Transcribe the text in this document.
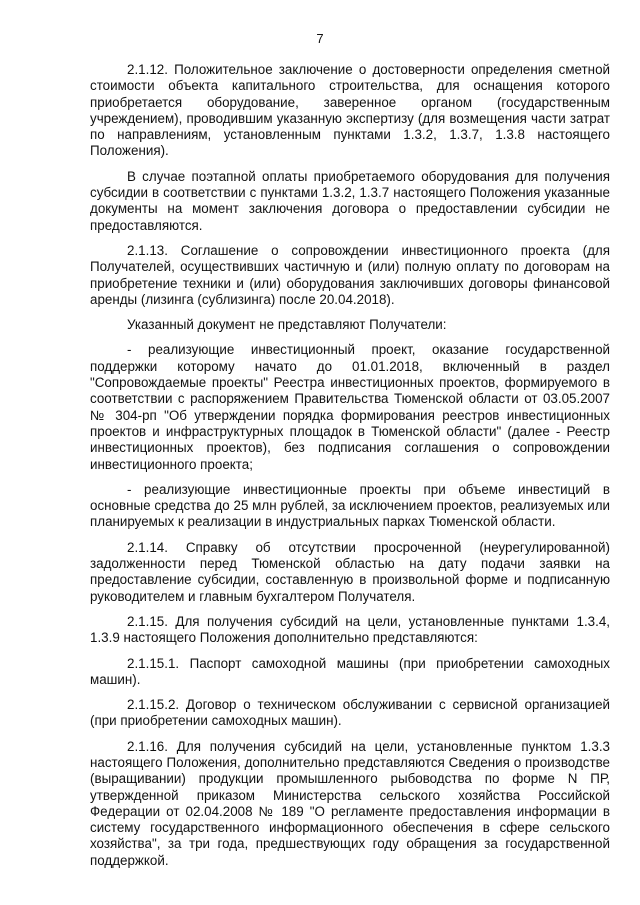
7

2.1.12. Положительное заключение о достоверности определения сметной стоимости объекта капитального строительства, для оснащения которого приобретается оборудование, заверенное органом (государственным учреждением), проводившим указанную экспертизу (для возмещения части затрат по направлениям, установленным пунктами 1.3.2, 1.3.7, 1.3.8 настоящего Положения).

В случае поэтапной оплаты приобретаемого оборудования для получения субсидии в соответствии с пунктами 1.3.2, 1.3.7 настоящего Положения указанные документы на момент заключения договора о предоставлении субсидии не предоставляются.

2.1.13. Соглашение о сопровождении инвестиционного проекта (для Получателей, осуществивших частичную и (или) полную оплату по договорам на приобретение техники и (или) оборудования заключивших договоры финансовой аренды (лизинга (сублизинга) после 20.04.2018).

Указанный документ не представляют Получатели:

- реализующие инвестиционный проект, оказание государственной поддержки которому начато до 01.01.2018, включенный в раздел "Сопровождаемые проекты" Реестра инвестиционных проектов, формируемого в соответствии с распоряжением Правительства Тюменской области от 03.05.2007 № 304-рп "Об утверждении порядка формирования реестров инвестиционных проектов и инфраструктурных площадок в Тюменской области" (далее - Реестр инвестиционных проектов), без подписания соглашения о сопровождении инвестиционного проекта;

- реализующие инвестиционные проекты при объеме инвестиций в основные средства до 25 млн рублей, за исключением проектов, реализуемых или планируемых к реализации в индустриальных парках Тюменской области.

2.1.14. Справку об отсутствии просроченной (неурегулированной) задолженности перед Тюменской областью на дату подачи заявки на предоставление субсидии, составленную в произвольной форме и подписанную руководителем и главным бухгалтером Получателя.

2.1.15. Для получения субсидий на цели, установленные пунктами 1.3.4, 1.3.9 настоящего Положения дополнительно представляются:

2.1.15.1. Паспорт самоходной машины (при приобретении самоходных машин).

2.1.15.2. Договор о техническом обслуживании с сервисной организацией (при приобретении самоходных машин).

2.1.16. Для получения субсидий на цели, установленные пунктом 1.3.3 настоящего Положения, дополнительно представляются Сведения о производстве (выращивании) продукции промышленного рыбоводства по форме N ПР, утвержденной приказом Министерства сельского хозяйства Российской Федерации от 02.04.2008 № 189 "О регламенте предоставления информации в систему государственного информационного обеспечения в сфере сельского хозяйства", за три года, предшествующих году обращения за государственной поддержкой.
